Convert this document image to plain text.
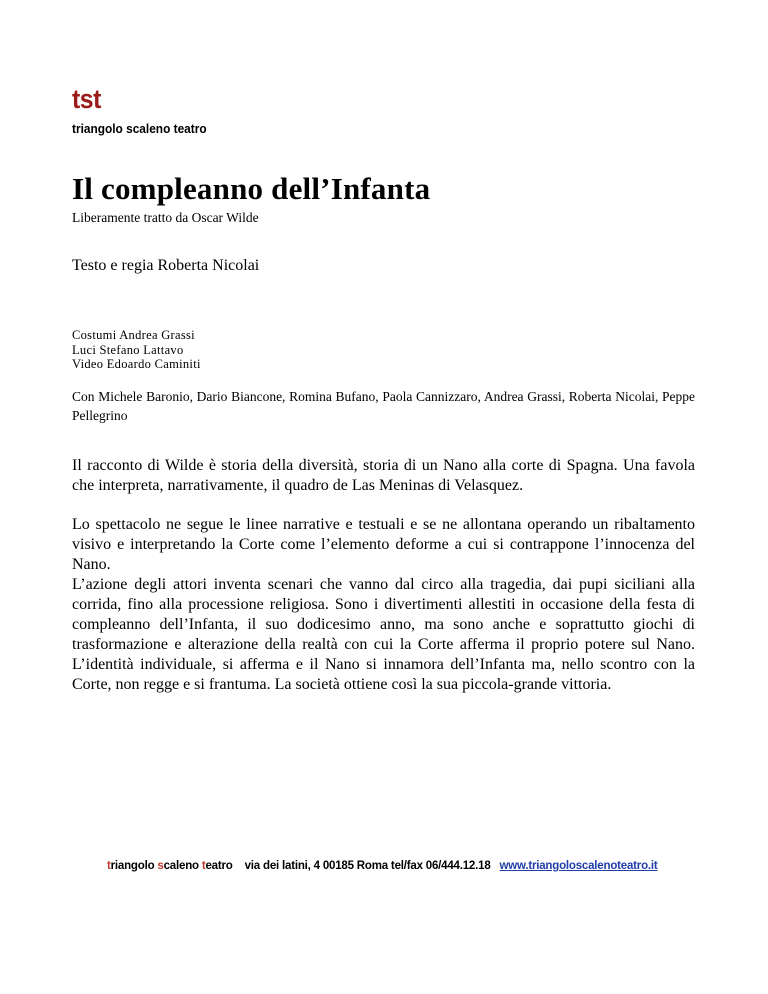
tst
triangolo scaleno teatro
Il compleanno dell’Infanta
Liberamente tratto da Oscar Wilde
Testo e regia Roberta Nicolai
Costumi Andrea Grassi
Luci Stefano Lattavo
Video Edoardo Caminiti
Con Michele Baronio, Dario Biancone, Romina Bufano, Paola Cannizzaro, Andrea Grassi, Roberta Nicolai, Peppe Pellegrino
Il racconto di Wilde è storia della diversità, storia di un Nano alla corte di Spagna. Una favola che interpreta, narrativamente, il quadro de Las Meninas di Velasquez.
Lo spettacolo ne segue le linee narrative e testuali e se ne allontana operando un ribaltamento visivo e interpretando la Corte come l’elemento deforme a cui si contrappone l’innocenza del Nano.
L’azione degli attori inventa scenari che vanno dal circo alla tragedia, dai pupi siciliani alla corrida, fino alla processione religiosa. Sono i divertimenti allestiti in occasione della festa di compleanno dell’Infanta, il suo dodicesimo anno, ma sono anche e soprattutto giochi di trasformazione e alterazione della realtà con cui la Corte afferma il proprio potere sul Nano. L’identità individuale, si afferma e il Nano si innamora dell’Infanta ma, nello scontro con la Corte, non regge e si frantuma. La società ottiene così la sua piccola-grande vittoria.
triangolo scaleno teatro via dei latini, 4 00185 Roma tel/fax 06/444.12.18 www.triangoloscalenoteatro.it
